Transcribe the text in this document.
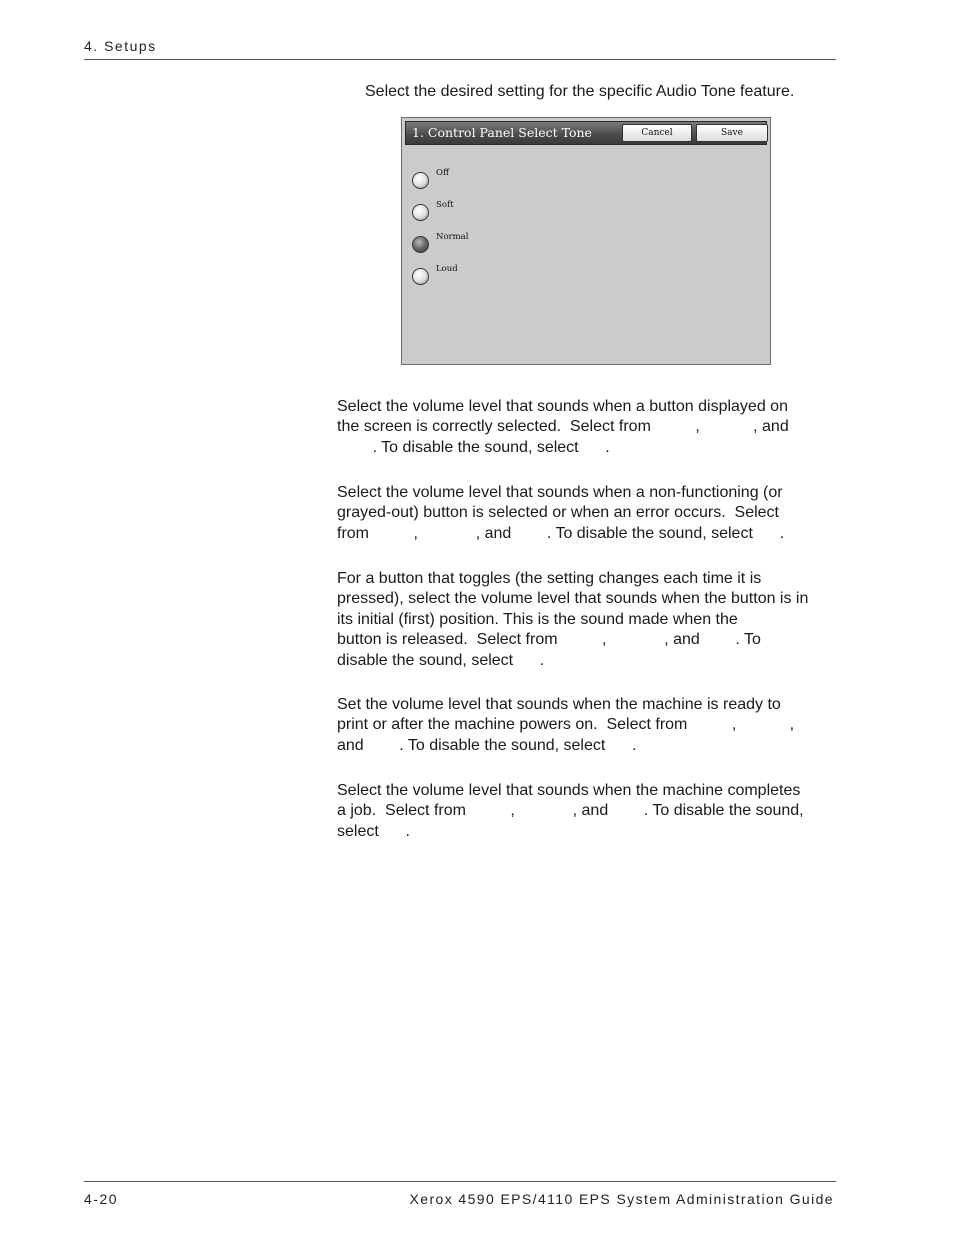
4. Setups
Select the desired setting for the specific Audio Tone feature.
1. Control Panel Select Tone	Cancel	Save
Off
Soft
Normal
Loud
Select the volume level that sounds when a button displayed on
the screen is correctly selected.  Select from          ,            , and
. To disable the sound, select      .
Select the volume level that sounds when a non-functioning (or
grayed-out) button is selected or when an error occurs.  Select
from          ,             , and        . To disable the sound, select      .
For a button that toggles (the setting changes each time it is
pressed), select the volume level that sounds when the button is in
its initial (first) position. This is the sound made when the
button is released.  Select from          ,             , and        . To
disable the sound, select      .
Set the volume level that sounds when the machine is ready to
print or after the machine powers on.  Select from          ,            ,
and        . To disable the sound, select      .
Select the volume level that sounds when the machine completes
a job.  Select from          ,             , and        . To disable the sound,
select      .
4-20	Xerox 4590 EPS/4110 EPS System Administration Guide
